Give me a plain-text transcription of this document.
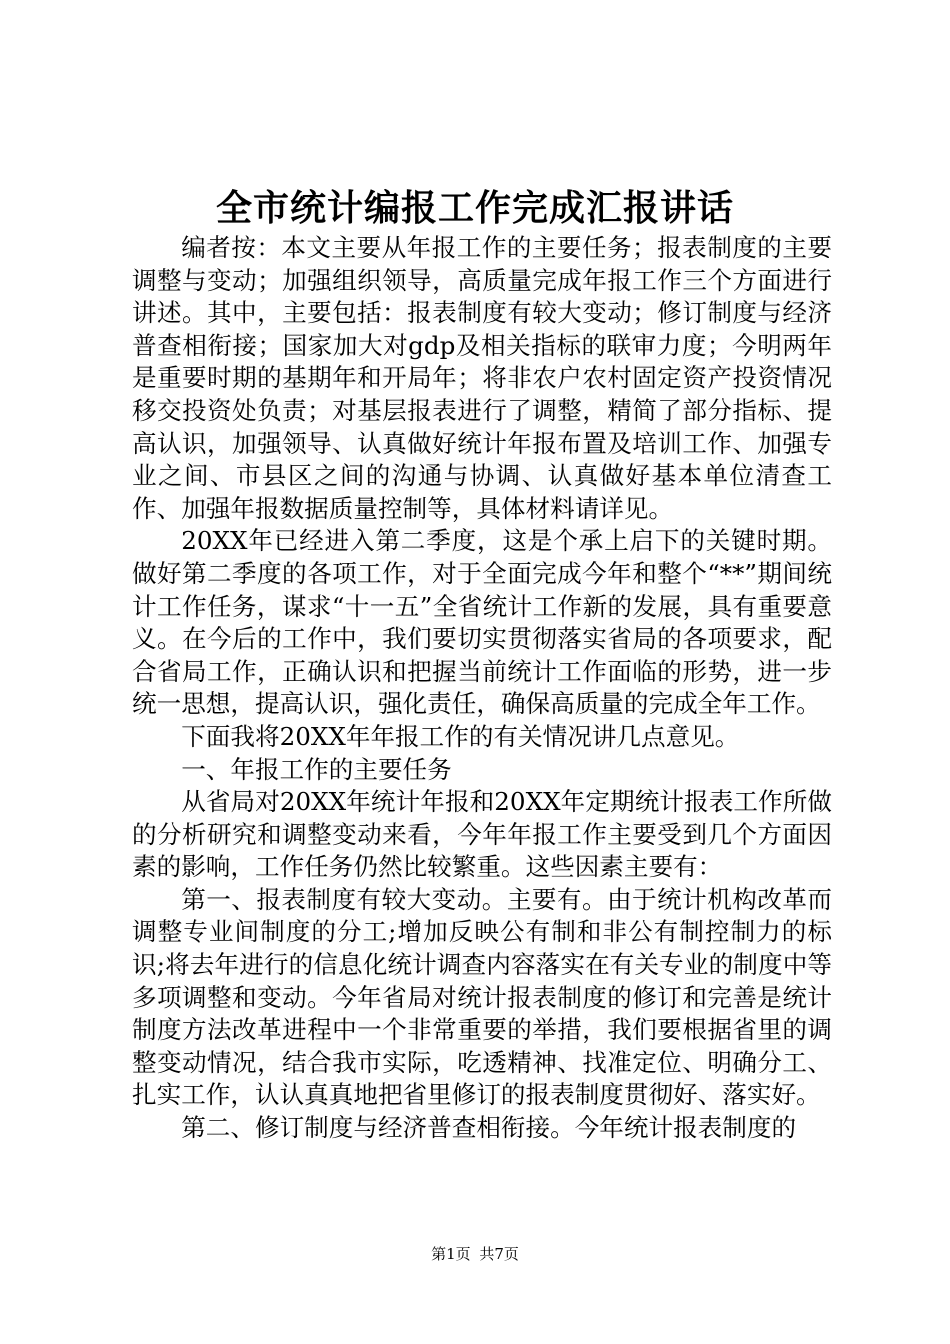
全市统计编报工作完成汇报讲话

编者按：本文主要从年报工作的主要任务；报表制度的主要调整与变动；加强组织领导，高质量完成年报工作三个方面进行讲述。其中，主要包括：报表制度有较大变动；修订制度与经济普查相衔接；国家加大对gdp及相关指标的联审力度；今明两年是重要时期的基期年和开局年；将非农户农村固定资产投资情况移交投资处负责；对基层报表进行了调整，精简了部分指标、提高认识，加强领导、认真做好统计年报布置及培训工作、加强专业之间、市县区之间的沟通与协调、认真做好基本单位清查工作、加强年报数据质量控制等，具体材料请详见。

20XX年已经进入第二季度，这是个承上启下的关键时期。做好第二季度的各项工作，对于全面完成今年和整个“**”期间统计工作任务，谋求“十一五”全省统计工作新的发展，具有重要意义。在今后的工作中，我们要切实贯彻落实省局的各项要求，配合省局工作，正确认识和把握当前统计工作面临的形势，进一步统一思想，提高认识，强化责任，确保高质量的完成全年工作。

下面我将20XX年年报工作的有关情况讲几点意见。

一、年报工作的主要任务

从省局对20XX年统计年报和20XX年定期统计报表工作所做的分析研究和调整变动来看，今年年报工作主要受到几个方面因素的影响，工作任务仍然比较繁重。这些因素主要有：

第一、报表制度有较大变动。主要有。由于统计机构改革而调整专业间制度的分工;增加反映公有制和非公有制控制力的标识;将去年进行的信息化统计调查内容落实在有关专业的制度中等多项调整和变动。今年省局对统计报表制度的修订和完善是统计制度方法改革进程中一个非常重要的举措，我们要根据省里的调整变动情况，结合我市实际，吃透精神、找准定位、明确分工、扎实工作，认认真真地把省里修订的报表制度贯彻好、落实好。

第二、修订制度与经济普查相衔接。今年统计报表制度的

第1页 共7页
